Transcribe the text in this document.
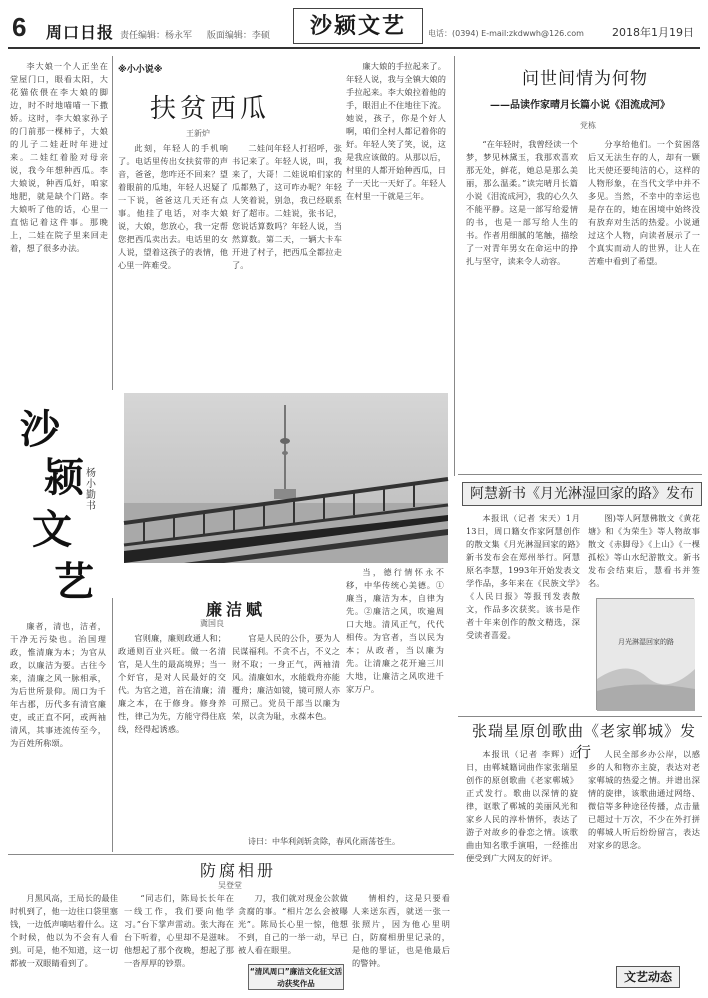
6 周口日报 责任编辑：杨永军 版面编辑：李硕	沙颍文艺	电话：(0394) E-mail:zkdwwh@126.com	2018年1月19日

李大娘一个人正坐在堂屋门口，眼看太阳，大花猫依偎在李大娘的脚边，时不时地喵喵一下撒娇。这时，李大娘家孙子的门前那一棵柿子，大娘的儿子二娃赶时年进过来。二娃红着脸对母亲说，我今年想种西瓜。李大娘说，种西瓜好，咱家地肥，就是缺个门路。李大娘听了他的话，心里一直惦记着这件事。那晚上，二娃在院子里来回走着，想了很多办法。

※小小说※
扶贫西瓜
王新炉

此刻，年轻人的手机响了。电话里传出女扶贫带的声音，爸爸，您咋还不回来？望着眼前的瓜地，年轻人迟疑了一下说，爸爸这几天还有点事。他挂了电话，对李大娘说，大娘，您放心，我一定帮您把西瓜卖出去。电话里的女人说，望着这孩子的表情，他心里一阵难受。

二娃问年轻人打招呼，张书记来了。年轻人说，叫，我来了，大哥！二娃说咱们家的瓜都熟了，这可咋办呢？年轻人笑着说，别急，我已经联系好了超市。二娃说，张书记，您说话算数吗？年轻人说，当然算数。第二天，一辆大卡车开进了村子，把西瓜全都拉走了。

廉大娘的手拉起来了。年轻人说，我与全镇大娘的手拉起来。李大娘拉着他的手，眼泪止不住地往下流。她说，孩子，你是个好人啊，咱们全村人都记着你的好。年轻人笑了笑，说，这是我应该做的。从那以后，村里的人都开始种西瓜，日子一天比一天好了。年轻人在村里一干就是三年。

问世间情为何物
——品读作家晴月长篇小说《泪流成河》
党栋

“在年轻时，我曾经读一个梦，梦见林黛玉，我那欢喜欢那无处，鲜花，她总是那么美丽，那么温柔。”读完晴月长篇小说《泪流成河》，我的心久久不能平静。这是一部写给爱情的书，也是一部写给人生的书。作者用细腻的笔触，描绘了一对青年男女在命运中的挣扎与坚守，读来令人动容。

分享给他们。一个贫困落后又无法生存的人，却有一颗比天使还要纯洁的心，这样的人物形象，在当代文学中并不多见。当然，不幸中的幸运也是存在的，她在困境中始终没有放弃对生活的热爱。小说通过这个人物，向读者展示了一个真实而动人的世界，让人在苦难中看到了希望。

沙
颍
文
艺
杨小勤书
小卫摄

廉者，清也，洁者，干净无污染也。治国理政，惟清廉为本；为官从政，以廉洁为要。古往今来，清廉之风一脉相承，为后世所景仰。周口为千年古郡，历代多有清官廉吏，或正直不阿，或两袖清风，其事迹流传至今，为百姓所称颂。

廉洁赋
冀国良

官则廉，廉则政通人和；政通则百业兴旺。做一名清官，是人生的最高境界；当一个好官，是对人民最好的交代。为官之道，首在清廉；清廉之本，在于修身。修身养性，律己为先，方能守得住底线，经得起诱惑。

官是人民的公仆，要为人民谋福利。不贪不占，不义之财不取；一身正气，两袖清风。清廉如水，水能载舟亦能覆舟；廉洁如镜，镜可照人亦可照己。党员干部当以廉为荣，以贪为耻，永葆本色。

当，德行情怀永不移，中华传统心美德。①廉当，廉洁为本，自律为先。②廉洁之风，吹遍周口大地。清风正气，代代相传。为官者，当以民为本；从政者，当以廉为先。让清廉之花开遍三川大地，让廉洁之风吹进千家万户。

诗曰：中华利剑斩贪除，春风化雨荡苍生。
防腐相册
吴登堂

月黑风高，王局长的最佳时机到了，他一边往口袋里塞钱，一边低声嘀咕着什么。这个时候，他以为不会有人看到。可是，他不知道，这一切都被一双眼睛看到了。

“同志们，陈局长长年在一线工作，我们要向他学习。”台下掌声雷动。张大海在台下听着，心里却不是滋味。他想起了那个夜晚，想起了那一沓厚厚的钞票。

刀，我们就对现金公款做贪腐的事。“相片怎么会被曝光”。陈局长心里一惊，他想不到，自己的一举一动，早已被人看在眼里。

情相约，这是只要看人来送东西，就送一张一张照片，因为他心里明白，防腐相册里记录的，是他的罪证，也是他最后的警钟。

“清风周口”廉洁文化征文活动获奖作品
阿慧新书《月光淋湿回家的路》发布

本报讯（记者 宋天）1月13日，周口籍女作家阿慧创作的散文集《月光淋湿回家的路》新书发布会在郑州举行。阿慧原名李慧，1993年开始发表文学作品，多年来在《民族文学》《人民日报》等报刊发表散文，作品多次获奖。该书是作者十年来创作的散文精选，深受读者喜爱。

图)等人阿慧佛散文《黄花塘》和《为荣生》等人物故事散文《赤脚母》《上山》《一棵孤松》等山水纪游散文。新书发布会结束后，慧看书并签名。

月光淋湿回家的路
张瑞星原创歌曲《老家郸城》发行

本报讯（记者 李辉）近日，由郸城籍词曲作家张瑞星创作的原创歌曲《老家郸城》正式发行。歌曲以深情的旋律，讴歌了郸城的美丽风光和家乡人民的淳朴情怀，表达了游子对故乡的眷恋之情。该歌曲由知名歌手演唱，一经推出便受到广大网友的好评。

人民全部乡办公岸，以感乡的人和物亦主旋，表达对老家郸城的热爱之情。并谱出深情的旋律，该歌曲通过网络、微信等多种途径传播，点击量已超过十万次，不少在外打拼的郸城人听后纷纷留言，表达对家乡的思念。

文艺动态
